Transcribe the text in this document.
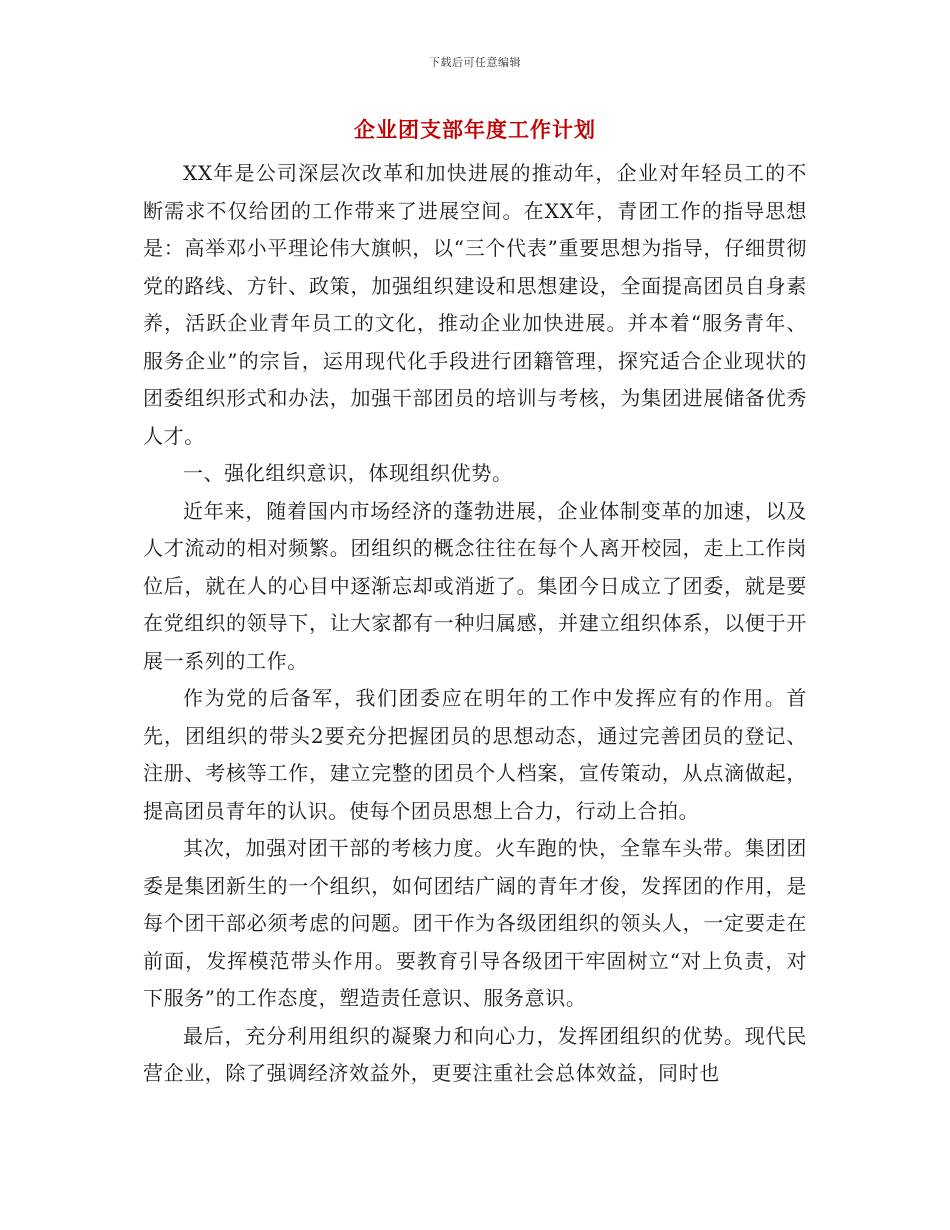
下载后可任意编辑
企业团支部年度工作计划

XX年是公司深层次改革和加快进展的推动年，企业对年轻员工的不断需求不仅给团的工作带来了进展空间。在XX年，青团工作的指导思想是：高举邓小平理论伟大旗帜，以“三个代表”重要思想为指导，仔细贯彻党的路线、方针、政策，加强组织建设和思想建设，全面提高团员自身素养，活跃企业青年员工的文化，推动企业加快进展。并本着“服务青年、服务企业”的宗旨，运用现代化手段进行团籍管理，探究适合企业现状的团委组织形式和办法，加强干部团员的培训与考核，为集团进展储备优秀人才。

一、强化组织意识，体现组织优势。

近年来，随着国内市场经济的蓬勃进展，企业体制变革的加速，以及人才流动的相对频繁。团组织的概念往往在每个人离开校园，走上工作岗位后，就在人的心目中逐渐忘却或消逝了。集团今日成立了团委，就是要在党组织的领导下，让大家都有一种归属感，并建立组织体系，以便于开展一系列的工作。

作为党的后备军，我们团委应在明年的工作中发挥应有的作用。首先，团组织的带头2要充分把握团员的思想动态，通过完善团员的登记、注册、考核等工作，建立完整的团员个人档案，宣传策动，从点滴做起，提高团员青年的认识。使每个团员思想上合力，行动上合拍。

其次，加强对团干部的考核力度。火车跑的快，全靠车头带。集团团委是集团新生的一个组织，如何团结广阔的青年才俊，发挥团的作用，是每个团干部必须考虑的问题。团干作为各级团组织的领头人，一定要走在前面，发挥模范带头作用。要教育引导各级团干牢固树立“对上负责，对下服务”的工作态度，塑造责任意识、服务意识。

最后，充分利用组织的凝聚力和向心力，发挥团组织的优势。现代民营企业，除了强调经济效益外，更要注重社会总体效益，同时也
